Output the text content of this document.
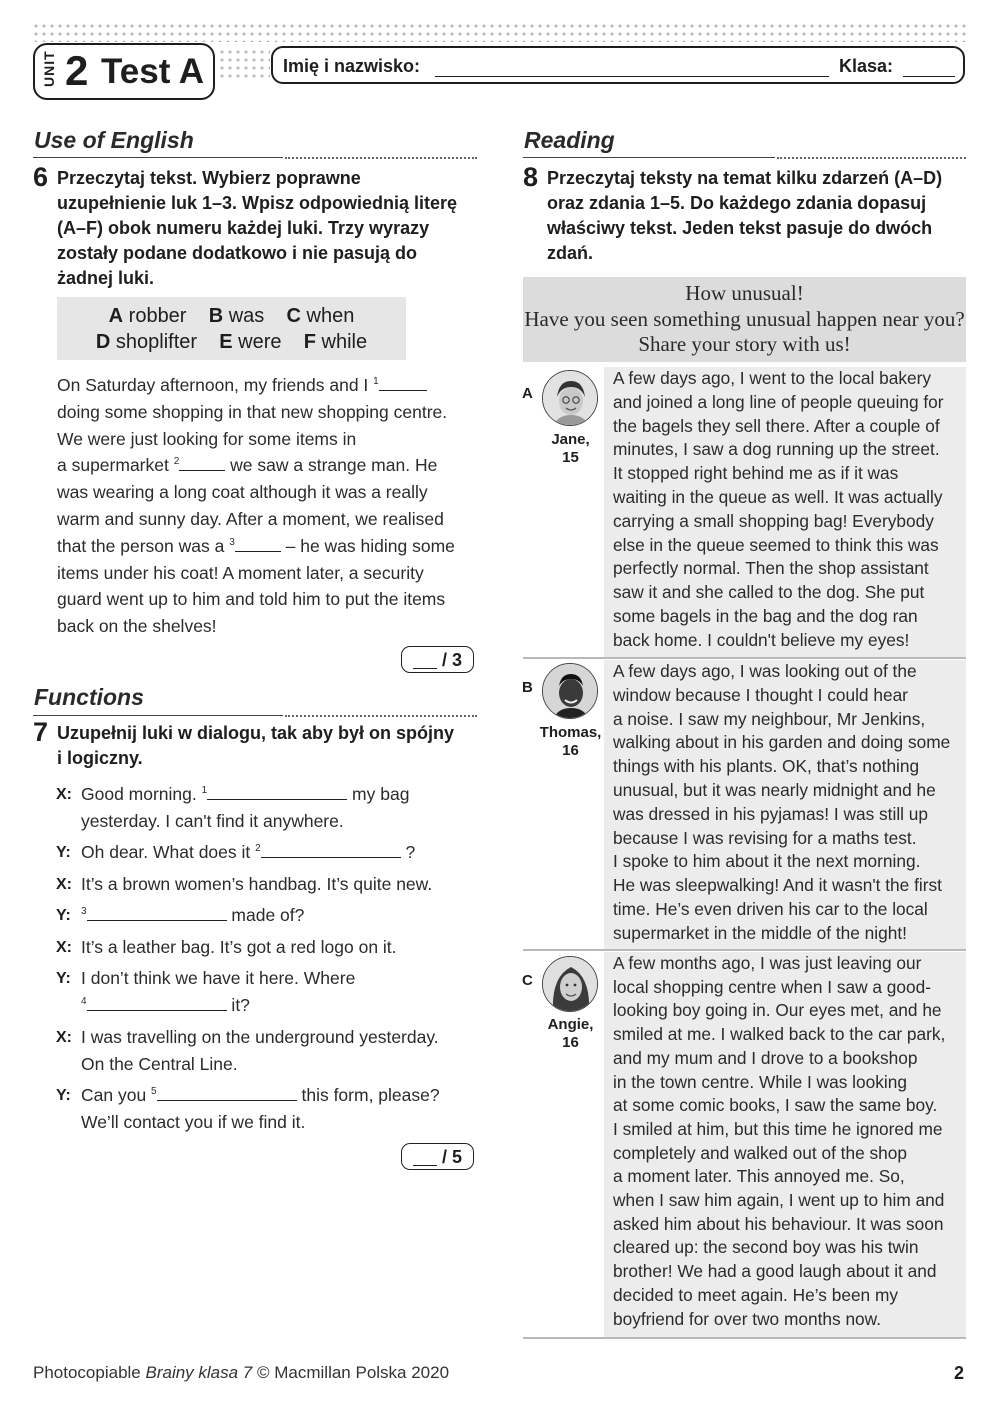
UNIT 2 Test A	Imię i nazwisko:	Klasa:
Use of English
6 Przeczytaj tekst. Wybierz poprawne
uzupełnienie luk 1–3. Wpisz odpowiednią literę
(A–F) obok numeru każdej luki. Trzy wyrazy
zostały podane dodatkowo i nie pasują do
żadnej luki.
A robber B was C when
D shoplifter E were F while
On Saturday afternoon, my friends and I $^1$
doing some shopping in that new shopping centre.
We were just looking for some items in
a supermarket $^2$	we saw a strange man. He
was wearing a long coat although it was a really
warm and sunny day. After a moment, we realised
that the person was a $^3$	– he was hiding some
items under his coat! A moment later, a security
guard went up to him and told him to put the items
back on the shelves!
/ 3
Functions
7 Uzupełnij luki w dialogu, tak aby był on spójny
i logiczny.
X: Good morning. $^1$	my bag
yesterday. I can't find it anywhere.
Y: Oh dear. What does it $^2$	?
X: It’s a brown women’s handbag. It’s quite new.
Y: $^3$	made of?
X: It’s a leather bag. It’s got a red logo on it.
Y: I don’t think we have it here. Where
$^4$	it?
X: I was travelling on the underground yesterday.
On the Central Line.
Y: Can you $^5$	this form, please?
We’ll contact you if we find it.
/ 5
Reading
8 Przeczytaj teksty na temat kilku zdarzeń (A–D)
oraz zdania 1–5. Do każdego zdania dopasuj
właściwy tekst. Jeden tekst pasuje do dwóch
zdań.
How unusual!
Have you seen something unusual happen near you?
Share your story with us!
A
Jane,
15
A few days ago, I went to the local bakery
and joined a long line of people queuing for
the bagels they sell there. After a couple of
minutes, I saw a dog running up the street.
It stopped right behind me as if it was
waiting in the queue as well. It was actually
carrying a small shopping bag! Everybody
else in the queue seemed to think this was
perfectly normal. Then the shop assistant
saw it and she called to the dog. She put
some bagels in the bag and the dog ran
back home. I couldn't believe my eyes!
B
Thomas,
16
A few days ago, I was looking out of the
window because I thought I could hear
a noise. I saw my neighbour, Mr Jenkins,
walking about in his garden and doing some
things with his plants. OK, that’s nothing
unusual, but it was nearly midnight and he
was dressed in his pyjamas! I was still up
because I was revising for a maths test.
I spoke to him about it the next morning.
He was sleepwalking! And it wasn't the first
time. He’s even driven his car to the local
supermarket in the middle of the night!
C
Angie,
16
A few months ago, I was just leaving our
local shopping centre when I saw a good-
looking boy going in. Our eyes met, and he
smiled at me. I walked back to the car park,
and my mum and I drove to a bookshop
in the town centre. While I was looking
at some comic books, I saw the same boy.
I smiled at him, but this time he ignored me
completely and walked out of the shop
a moment later. This annoyed me. So,
when I saw him again, I went up to him and
asked him about his behaviour. It was soon
cleared up: the second boy was his twin
brother! We had a good laugh about it and
decided to meet again. He’s been my
boyfriend for over two months now.
Photocopiable Brainy klasa 7 © Macmillan Polska 2020	2
